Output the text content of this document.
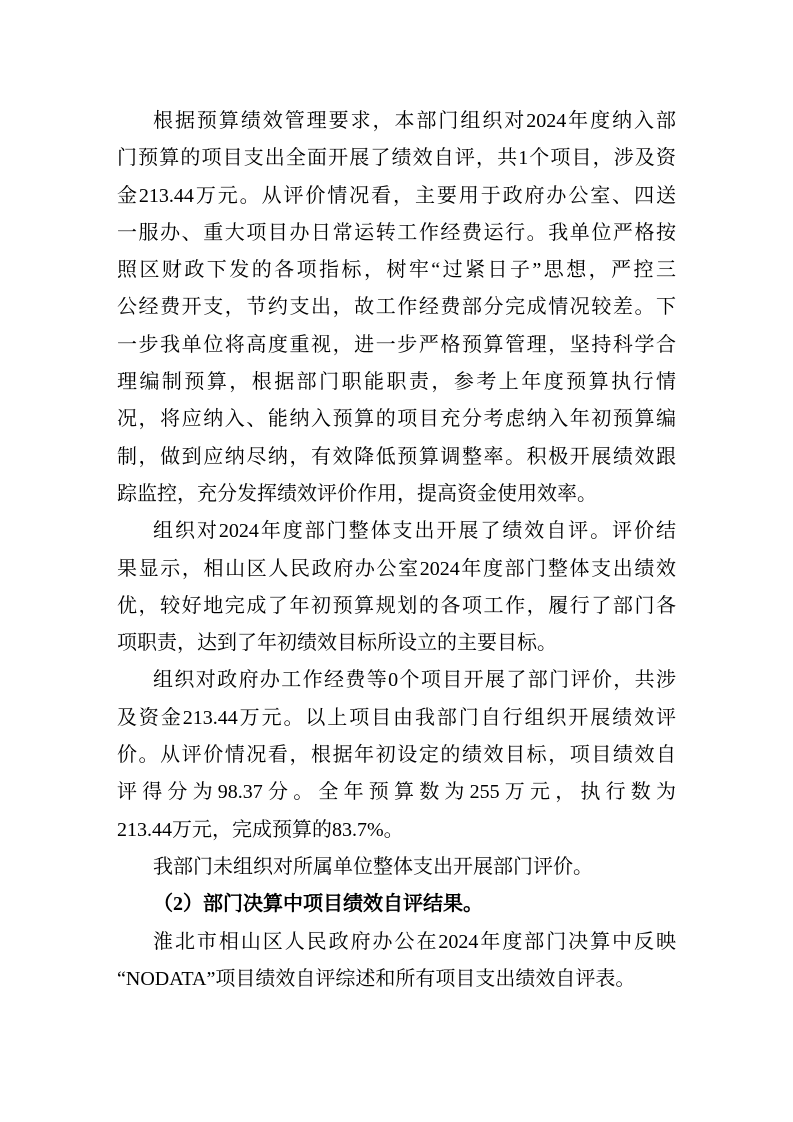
根据预算绩效管理要求，本部门组织对2024年度纳入部
门预算的项目支出全面开展了绩效自评，共1个项目，涉及资
金213.44万元。从评价情况看，主要用于政府办公室、四送
一服办、重大项目办日常运转工作经费运行。我单位严格按
照区财政下发的各项指标，树牢“过紧日子”思想，严控三
公经费开支，节约支出，故工作经费部分完成情况较差。下
一步我单位将高度重视，进一步严格预算管理，坚持科学合
理编制预算，根据部门职能职责，参考上年度预算执行情
况，将应纳入、能纳入预算的项目充分考虑纳入年初预算编
制，做到应纳尽纳，有效降低预算调整率。积极开展绩效跟
踪监控，充分发挥绩效评价作用，提高资金使用效率。
组织对2024年度部门整体支出开展了绩效自评。评价结
果显示，相山区人民政府办公室2024年度部门整体支出绩效
优，较好地完成了年初预算规划的各项工作，履行了部门各
项职责，达到了年初绩效目标所设立的主要目标。
组织对政府办工作经费等0个项目开展了部门评价，共涉
及资金213.44万元。以上项目由我部门自行组织开展绩效评
价。从评价情况看，根据年初设定的绩效目标，项目绩效自
评得分为98.37分。全年预算数为255万元，执行数为
213.44万元，完成预算的83.7%。
我部门未组织对所属单位整体支出开展部门评价。
（2）部门决算中项目绩效自评结果。
淮北市相山区人民政府办公在2024年度部门决算中反映
“NODATA”项目绩效自评综述和所有项目支出绩效自评表。
